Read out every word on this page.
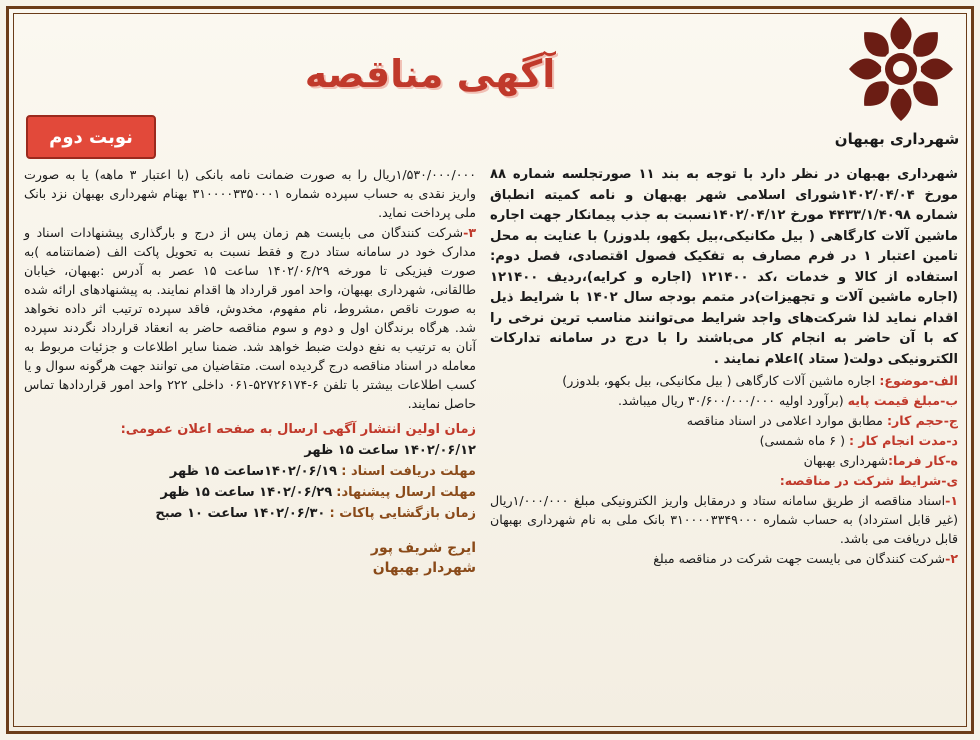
شهرداری بهبهان
آگهی مناقصه
نوبت دوم

شهرداری بهبهان در نظر دارد با توجه به بند ۱۱ صورتجلسه شماره ۸۸ مورخ ۱۴۰۲/۰۴/۰۴شورای اسلامی شهر بهبهان و نامه کمیته انطباق شماره ۴۴۳۳/۱/۴۰۹۸ مورخ ۱۴۰۲/۰۴/۱۲نسبت به جذب پیمانکار جهت اجاره ماشین آلات کارگاهی ( بیل مکانیکی،بیل بکهو، بلدوزر) با عنایت به محل تامین اعتبار ۱ در فرم مصارف به تفکیک فصول اقتصادی، فصل دوم: استفاده از کالا و خدمات ،کد ۱۲۱۴۰۰ (اجاره و کرایه)،ردیف ۱۲۱۴۰۰ (اجاره ماشین آلات و تجهیزات)در متمم بودجه سال ۱۴۰۲ با شرایط ذیل اقدام نماید لذا شرکت‌های واجد شرایط می‌توانند مناسب ترین نرخی را که با آن حاضر به انجام کار می‌باشند را با درج در سامانه تدارکات الکترونیکی دولت( ستاد )اعلام نمایند .

الف-موضوع: اجاره ماشین آلات کارگاهی ( بیل مکانیکی، بیل بکهو، بلدوزر)

ب-مبلغ قیمت پایه (برآورد اولیه ۳۰/۶۰۰/۰۰۰/۰۰۰ ریال میباشد.

ج-حجم کار: مطابق موارد اعلامی در اسناد مناقصه

د-مدت انجام کار : ( ۶ ماه شمسی)

ه-کار فرما:شهرداری بهبهان

ی-شرایط شرکت در مناقصه:

۱-اسناد مناقصه از طریق سامانه ستاد و درمقابل واریز الکترونیکی مبلغ ۱/۰۰۰/۰۰۰ریال (غیر قابل استرداد) به حساب شماره ۳۱۰۰۰۰۳۳۴۹۰۰۰ بانک ملی به نام شهرداری بهبهان قابل دریافت می باشد.

۲-شرکت کنندگان می بایست جهت شرکت در مناقصه مبلغ

۱/۵۳۰/۰۰۰/۰۰۰ریال را به صورت ضمانت نامه بانکی (با اعتبار ۳ ماهه) یا به صورت واریز نقدی به حساب سپرده شماره ۳۱۰۰۰۰۳۳۵۰۰۰۱ بهنام شهرداری بهبهان نزد بانک ملی پرداخت نماید.

۳-شرکت کنندگان می بایست هم زمان پس از درج و بارگذاری پیشنهادات اسناد و مدارک خود در سامانه ستاد درج و فقط نسبت به تحویل پاکت الف (ضمانتنامه )به صورت فیزیکی تا مورخه ۱۴۰۲/۰۶/۲۹ ساعت ۱۵ عصر به آدرس :بهبهان، خیابان طالقانی، شهرداری بهبهان، واحد امور قرارداد ها اقدام نمایند. به پیشنهادهای ارائه شده به صورت ناقص ،مشروط، نام مفهوم، مخدوش، فاقد سپرده ترتیب اثر داده نخواهد شد. هرگاه برندگان اول و دوم و سوم مناقصه حاضر به انعقاد قرارداد نگردند سپرده آنان به ترتیب به نفع دولت ضبط خواهد شد. ضمنا سایر اطلاعات و جزئیات مربوط به معامله در اسناد مناقصه درج گردیده است. متقاضیان می توانند جهت هرگونه سوال و یا کسب اطلاعات بیشتر با تلفن ۶-۵۲۷۲۶۱۷۴-۰۶۱ داخلی ۲۲۲ واحد امور قراردادها تماس حاصل نمایند.

زمان اولین انتشار آگهی ارسال به صفحه اعلان عمومی:
۱۴۰۲/۰۶/۱۲ ساعت ۱۵ ظهر
مهلت دریافت اسناد : ۱۴۰۲/۰۶/۱۹ساعت ۱۵ ظهر
مهلت ارسال پیشنهاد: ۱۴۰۲/۰۶/۲۹ ساعت ۱۵ ظهر
زمان بازگشایی پاکات : ۱۴۰۲/۰۶/۳۰ ساعت ۱۰ صبح
ایرج شریف پور
شهردار بهبهان
